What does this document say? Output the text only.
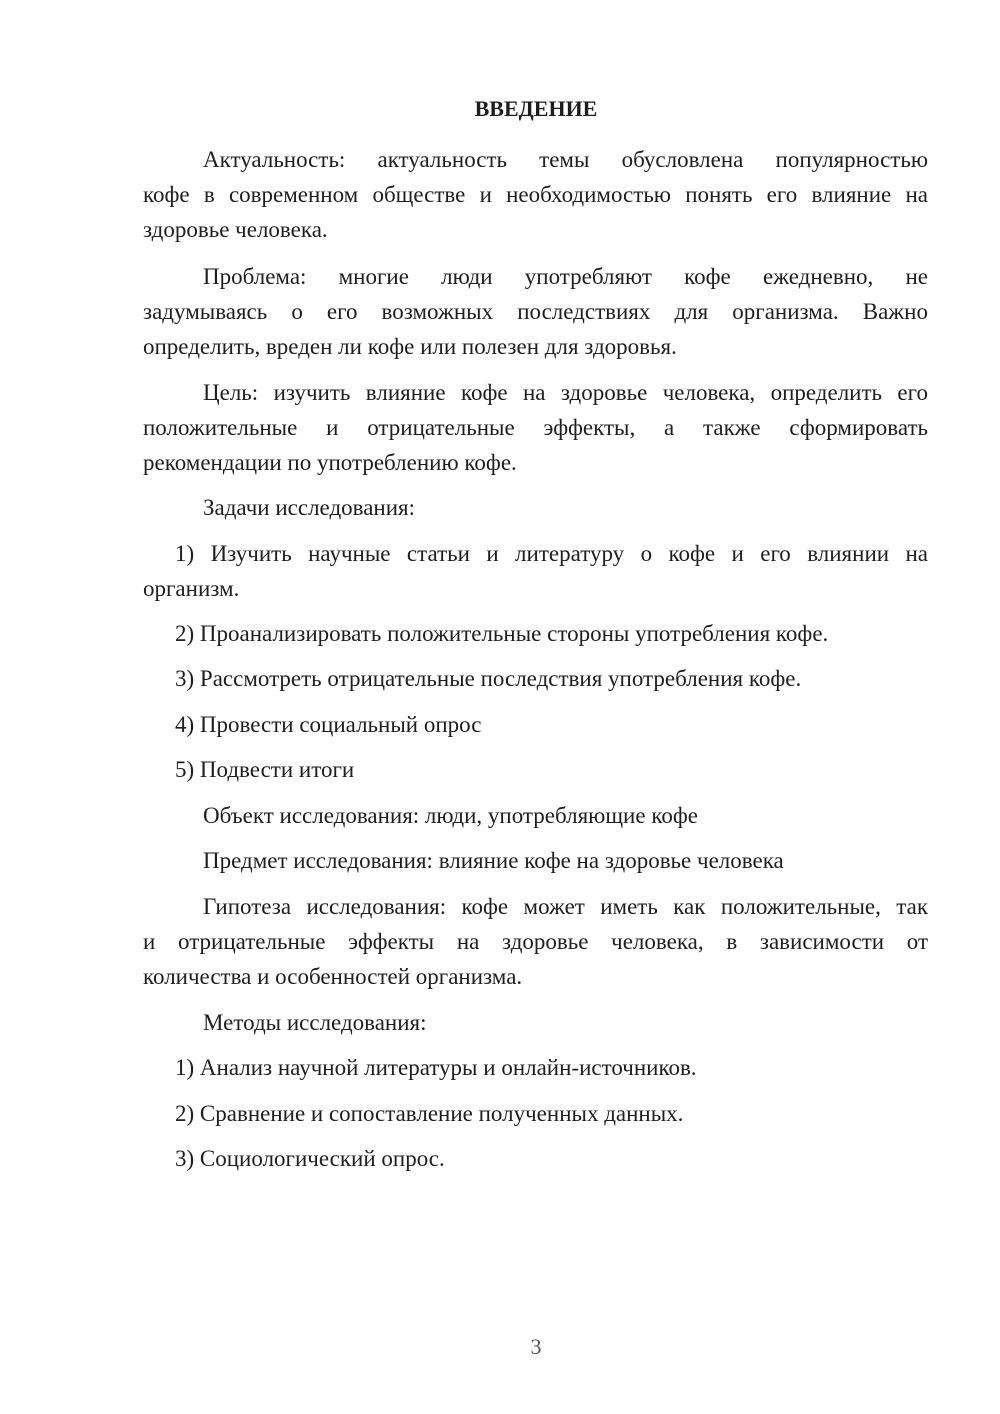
ВВЕДЕНИЕ
Актуальность: актуальность темы обусловлена популярностью
кофе в современном обществе и необходимостью понять его влияние на
здоровье человека.
Проблема: многие люди употребляют кофе ежедневно, не
задумываясь о его возможных последствиях для организма. Важно
определить, вреден ли кофе или полезен для здоровья.
Цель: изучить влияние кофе на здоровье человека, определить его
положительные и отрицательные эффекты, а также сформировать
рекомендации по употреблению кофе.
Задачи исследования:
1) Изучить научные статьи и литературу о кофе и его влиянии на
организм.
2) Проанализировать положительные стороны употребления кофе.
3) Рассмотреть отрицательные последствия употребления кофе.
4) Провести социальный опрос
5) Подвести итоги
Объект исследования: люди, употребляющие кофе
Предмет исследования: влияние кофе на здоровье человека
Гипотеза исследования: кофе может иметь как положительные, так
и отрицательные эффекты на здоровье человека, в зависимости от
количества и особенностей организма.
Методы исследования:
1) Анализ научной литературы и онлайн-источников.
2) Сравнение и сопоставление полученных данных.
3) Социологический опрос.
3
